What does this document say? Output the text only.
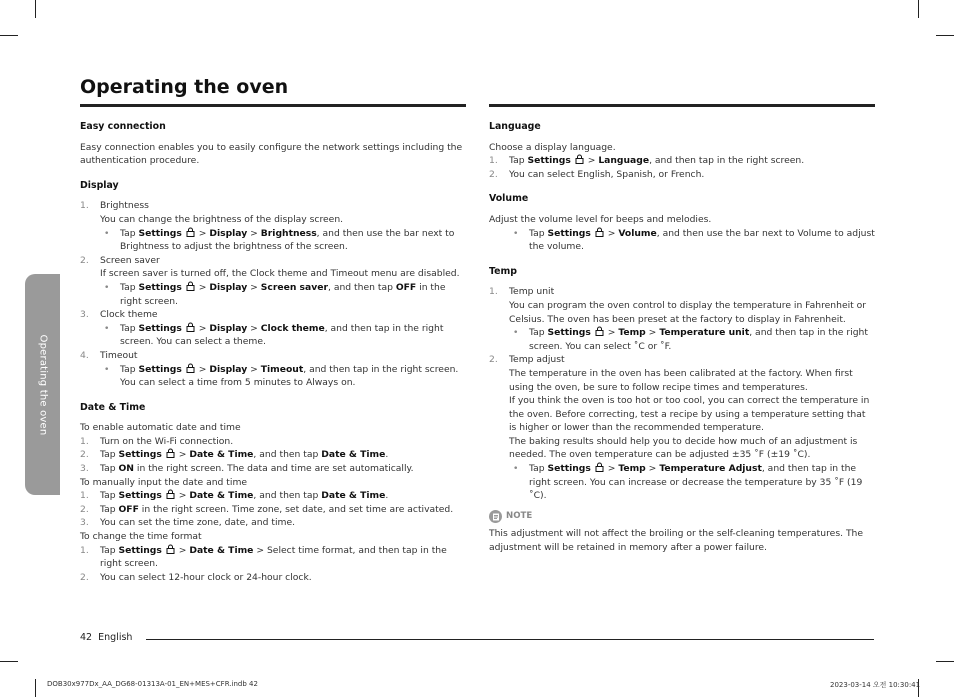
Operating the oven
Operating the oven

Easy connection

Easy connection enables you to easily configure the network settings including the authentication procedure.

Display

1. Brightness
You can change the brightness of the display screen.
• Tap Settings  > Display > Brightness, and then use the bar next to Brightness to adjust the brightness of the screen.
2. Screen saver
If screen saver is turned off, the Clock theme and Timeout menu are disabled.
• Tap Settings  > Display > Screen saver, and then tap OFF in the right screen.
3. Clock theme
• Tap Settings  > Display > Clock theme, and then tap in the right screen. You can select a theme.
4. Timeout
• Tap Settings  > Display > Timeout, and then tap in the right screen. You can select a time from 5 minutes to Always on.

Date & Time

To enable automatic date and time

1. Turn on the Wi-Fi connection.
2. Tap Settings  > Date & Time, and then tap Date & Time.
3. Tap ON in the right screen. The data and time are set automatically.

To manually input the date and time

1. Tap Settings  > Date & Time, and then tap Date & Time.
2. Tap OFF in the right screen. Time zone, set date, and set time are activated.
3. You can set the time zone, date, and time.

To change the time format

1. Tap Settings  > Date & Time > Select time format, and then tap in the right screen.
2. You can select 12-hour clock or 24-hour clock.

Language

Choose a display language.

1. Tap Settings  > Language, and then tap in the right screen.
2. You can select English, Spanish, or French.

Volume

Adjust the volume level for beeps and melodies.

• Tap Settings  > Volume, and then use the bar next to Volume to adjust the volume.

Temp

1. Temp unit
You can program the oven control to display the temperature in Fahrenheit or Celsius. The oven has been preset at the factory to display in Fahrenheit.
• Tap Settings  > Temp > Temperature unit, and then tap in the right screen. You can select ˚C or ˚F.
2. Temp adjust
The temperature in the oven has been calibrated at the factory. When first using the oven, be sure to follow recipe times and temperatures.
If you think the oven is too hot or too cool, you can correct the temperature in the oven. Before correcting, test a recipe by using a temperature setting that is higher or lower than the recommended temperature.
The baking results should help you to decide how much of an adjustment is needed. The oven temperature can be adjusted ±35 ˚F (±19 ˚C).
• Tap Settings  > Temp > Temperature Adjust, and then tap in the right screen. You can increase or decrease the temperature by 35 ˚F (19 ˚C).

NOTE

This adjustment will not affect the broiling or the self-cleaning temperatures. The adjustment will be retained in memory after a power failure.

42 English
DOB30x977Dx_AA_DG68-01313A-01_EN+MES+CFR.indb 42	2023-03-14 오전 10:30:41
